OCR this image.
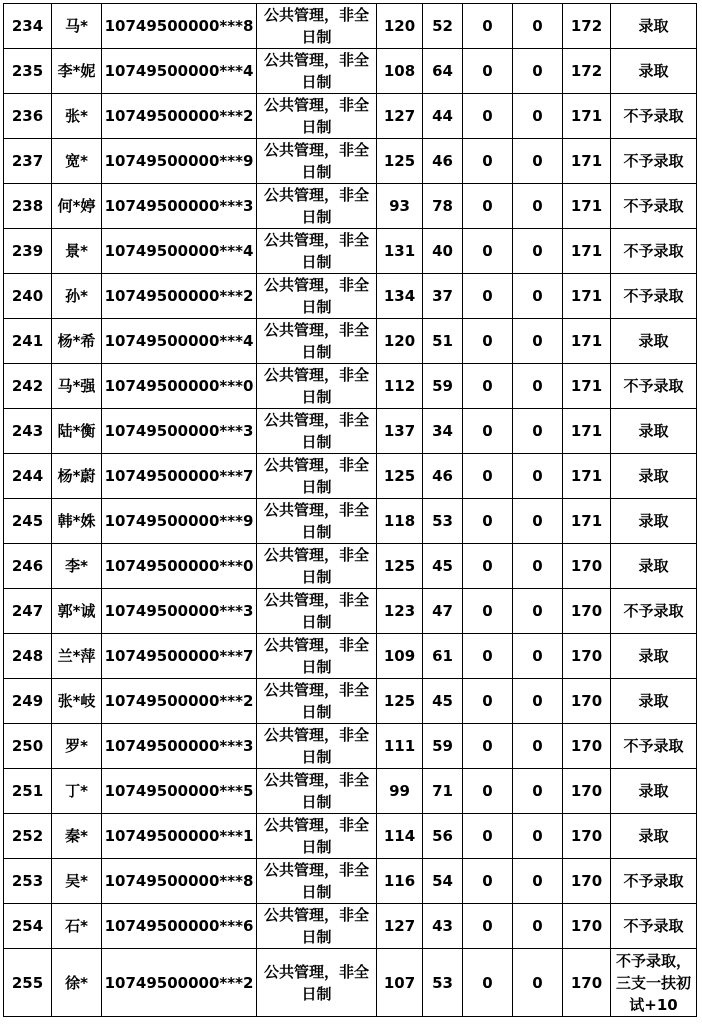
234	马*	10749500000***8	公共管理，非全日制	120	52	0	0	172	录取
235	李*妮	10749500000***4	公共管理，非全日制	108	64	0	0	172	录取
236	张*	10749500000***2	公共管理，非全日制	127	44	0	0	171	不予录取
237	宽*	10749500000***9	公共管理，非全日制	125	46	0	0	171	不予录取
238	何*婷	10749500000***3	公共管理，非全日制	93	78	0	0	171	不予录取
239	景*	10749500000***4	公共管理，非全日制	131	40	0	0	171	不予录取
240	孙*	10749500000***2	公共管理，非全日制	134	37	0	0	171	不予录取
241	杨*希	10749500000***4	公共管理，非全日制	120	51	0	0	171	录取
242	马*强	10749500000***0	公共管理，非全日制	112	59	0	0	171	不予录取
243	陆*衡	10749500000***3	公共管理，非全日制	137	34	0	0	171	录取
244	杨*蔚	10749500000***7	公共管理，非全日制	125	46	0	0	171	录取
245	韩*姝	10749500000***9	公共管理，非全日制	118	53	0	0	171	录取
246	李*	10749500000***0	公共管理，非全日制	125	45	0	0	170	录取
247	郭*诚	10749500000***3	公共管理，非全日制	123	47	0	0	170	不予录取
248	兰*萍	10749500000***7	公共管理，非全日制	109	61	0	0	170	录取
249	张*岐	10749500000***2	公共管理，非全日制	125	45	0	0	170	录取
250	罗*	10749500000***3	公共管理，非全日制	111	59	0	0	170	不予录取
251	丁*	10749500000***5	公共管理，非全日制	99	71	0	0	170	录取
252	秦*	10749500000***1	公共管理，非全日制	114	56	0	0	170	录取
253	吴*	10749500000***8	公共管理，非全日制	116	54	0	0	170	不予录取
254	石*	10749500000***6	公共管理，非全日制	127	43	0	0	170	不予录取
255	徐*	10749500000***2	公共管理，非全日制	107	53	0	0	170	不予录取，三支一扶初试+10
